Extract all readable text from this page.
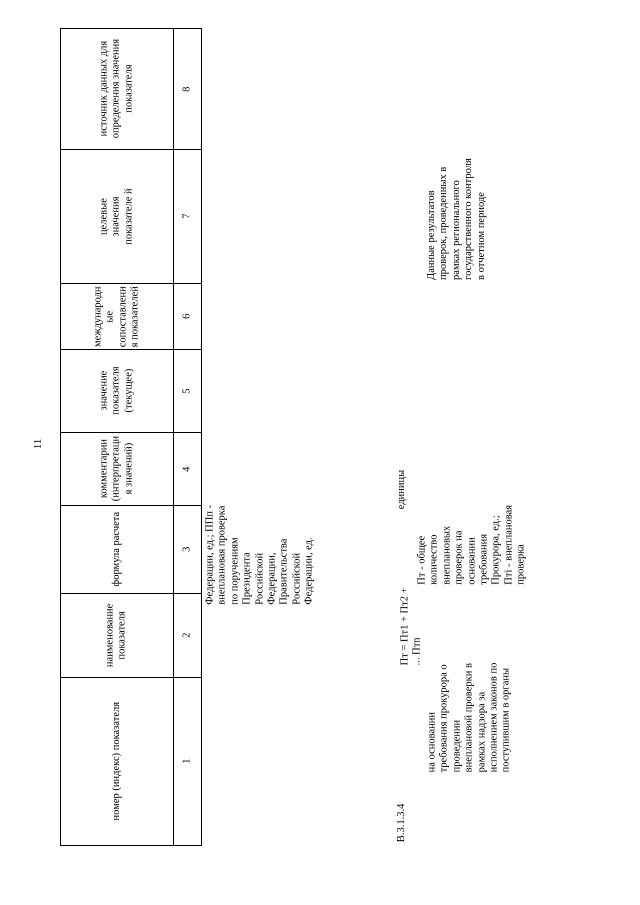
11
номер (индекс) показателя
наименование показателя
формула расчета
комментарии (интерпретаци я значений)
значение показателя (текущее)
международн ые сопоставлени я показателей
целевые значения показателе й
источник данных для определения значения показателя
1
2
3
4
5
6
7
8
Федерации, ед.; ППп - внеплановая проверка по поручениям Президента Российской Федерации, Правительства Российской Федерации, ед.
В.3.1.3.4
на основании требования прокурора о проведении внеплановой проверки в рамках надзора за исполнением законов по поступившим в органы
Пт = Пт1 + Пт2 + ... Птn
Пт - общее количество внеплановых проверок на основании требования Прокурора, ед.; Птi - внеплановая проверка
единицы
Данные результатов проверок, проведенных в рамках регионального государственного контроля в отчетном периоде
